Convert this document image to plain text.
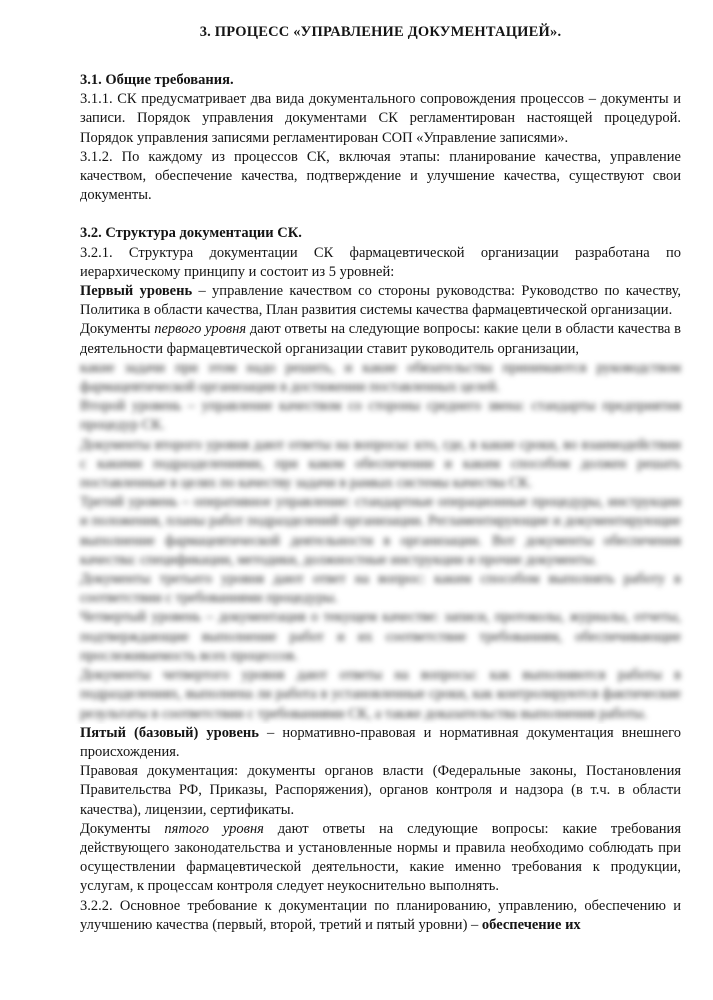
3. ПРОЦЕСС «УПРАВЛЕНИЕ ДОКУМЕНТАЦИЕЙ».
3.1. Общие требования.

3.1.1. СК предусматривает два вида документального сопровождения процессов – документы и записи. Порядок управления документами СК регламентирован настоящей процедурой. Порядок управления записями регламентирован СОП «Управление записями».

3.1.2. По каждому из процессов СК, включая этапы: планирование качества, управление качеством, обеспечение качества, подтверждение и улучшение качества, существуют свои документы.

3.2. Структура документации СК.

3.2.1. Структура документации СК фармацевтической организации разработана по иерархическому принципу и состоит из 5 уровней:

Первый уровень – управление качеством со стороны руководства: Руководство по качеству, Политика в области качества, План развития системы качества фармацевтической организации.

Документы первого уровня дают ответы на следующие вопросы: какие цели в области качества в деятельности фармацевтической организации ставит руководитель организации,

какие задачи при этом надо решить, и какие обязательства принимаются руководством фармацевтической организации в достижении поставленных целей.

Второй уровень – управление качеством со стороны среднего звена: стандарты предприятия процедур СК.

Документы второго уровня дают ответы на вопросы: кто, где, в какие сроки, во взаимодействии с какими подразделениями, при каком обеспечении и каким способом должен решать поставленные в целях по качеству задачи в рамках системы качества СК.

Третий уровень – оперативное управление: стандартные операционные процедуры, инструкции и положения, планы работ подразделений организации. Регламентирующие и документирующие выполнение фармацевтической деятельности в организации. Вот документы обеспечения качества: спецификации, методики, должностные инструкции и прочие документы.

Документы третьего уровня дают ответ на вопрос: каким способом выполнять работу в соответствии с требованиями процедуры.

Четвертый уровень – документация о текущем качестве: записи, протоколы, журналы, отчеты, подтверждающие выполнение работ и их соответствие требованиям, обеспечивающие прослеживаемость всех процессов.

Документы четвертого уровня дают ответы на вопросы: как выполняются работы в подразделениях, выполнена ли работа в установленные сроки, как контролируются фактические результаты в соответствии с требованиями СК, а также доказательства выполнения работы.

Пятый (базовый) уровень – нормативно-правовая и нормативная документация внешнего происхождения.

Правовая документация: документы органов власти (Федеральные законы, Постановления Правительства РФ, Приказы, Распоряжения), органов контроля и надзора (в т.ч. в области качества), лицензии, сертификаты.

Документы пятого уровня дают ответы на следующие вопросы: какие требования действующего законодательства и установленные нормы и правила необходимо соблюдать при осуществлении фармацевтической деятельности, какие именно требования к продукции, услугам, к процессам контроля следует неукоснительно выполнять.

3.2.2. Основное требование к документации по планированию, управлению, обеспечению и улучшению качества (первый, второй, третий и пятый уровни) – обеспечение их
